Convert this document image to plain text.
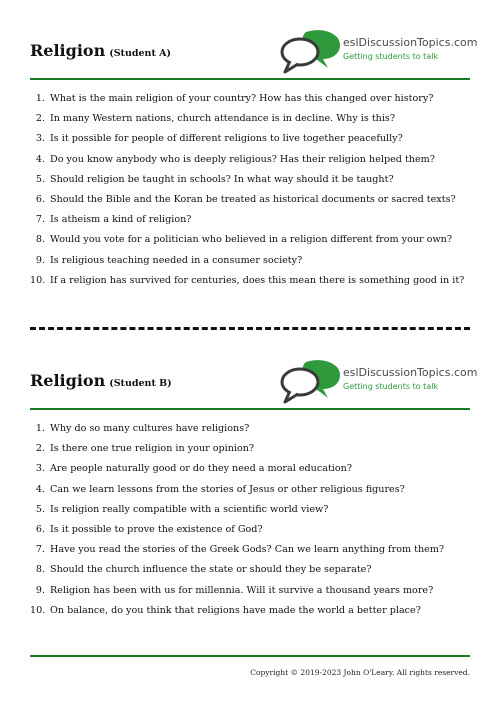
Religion (Student A)
eslDiscussionTopics.com
Getting students to talk
1. What is the main religion of your country? How has this changed over history?
2. In many Western nations, church attendance is in decline. Why is this?
3. Is it possible for people of different religions to live together peacefully?
4. Do you know anybody who is deeply religious? Has their religion helped them?
5. Should religion be taught in schools? In what way should it be taught?
6. Should the Bible and the Koran be treated as historical documents or sacred texts?
7. Is atheism a kind of religion?
8. Would you vote for a politician who believed in a religion different from your own?
9. Is religious teaching needed in a consumer society?
10. If a religion has survived for centuries, does this mean there is something good in it?
Religion (Student B)
eslDiscussionTopics.com
Getting students to talk
1. Why do so many cultures have religions?
2. Is there one true religion in your opinion?
3. Are people naturally good or do they need a moral education?
4. Can we learn lessons from the stories of Jesus or other religious figures?
5. Is religion really compatible with a scientific world view?
6. Is it possible to prove the existence of God?
7. Have you read the stories of the Greek Gods? Can we learn anything from them?
8. Should the church influence the state or should they be separate?
9. Religion has been with us for millennia. Will it survive a thousand years more?
10. On balance, do you think that religions have made the world a better place?
Copyright © 2019-2023 John O'Leary. All rights reserved.
